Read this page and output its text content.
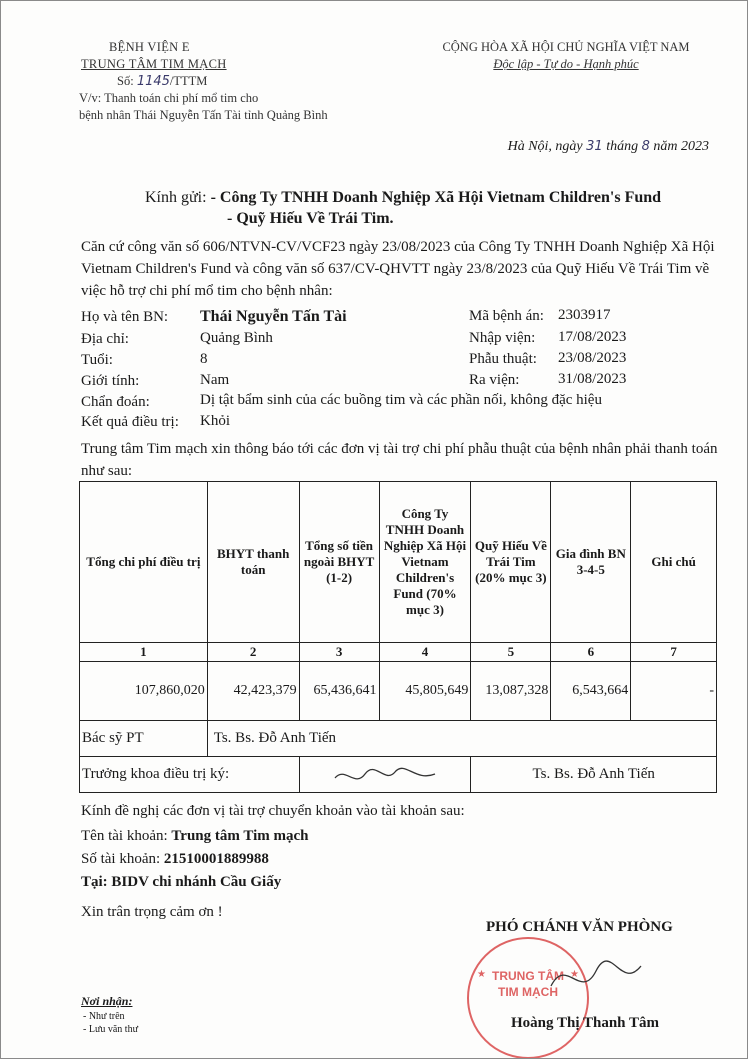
BỆNH VIỆN E
TRUNG TÂM TIM MẠCH
Số: 1145/TTTM
V/v: Thanh toán chi phí mổ tim cho
bệnh nhân Thái Nguyễn Tấn Tài tỉnh Quảng Bình
CỘNG HÒA XÃ HỘI CHỦ NGHĨA VIỆT NAM
Độc lập - Tự do - Hạnh phúc
Hà Nội, ngày 31 tháng 8 năm 2023
Kính gửi: - Công Ty TNHH Doanh Nghiệp Xã Hội Vietnam Children's Fund
- Quỹ Hiếu Về Trái Tim.
Căn cứ công văn số 606/NTVN-CV/VCF23 ngày 23/08/2023 của Công Ty TNHH Doanh Nghiệp Xã Hội Vietnam Children's Fund và công văn số 637/CV-QHVTT ngày 23/8/2023 của Quỹ Hiếu Về Trái Tim về việc hỗ trợ chi phí mổ tim cho bệnh nhân:
Họ và tên BN: Thái Nguyễn Tấn Tài
Địa chỉ:	Quảng Bình
Tuổi:	8
Giới tính:	Nam
Chẩn đoán:	Dị tật bẩm sinh của các buồng tim và các phần nối, không đặc hiệu
Kết quả điều trị: Khỏi
Mã bệnh án: 2303917
Nhập viện: 17/08/2023
Phẫu thuật: 23/08/2023
Ra viện:	31/08/2023
Trung tâm Tim mạch xin thông báo tới các đơn vị tài trợ chi phí phẫu thuật của bệnh nhân phải thanh toán như sau:
Tổng chi phí điều trị	BHYT thanh toán	Tổng số tiền ngoài BHYT (1-2)	Công Ty TNHH Doanh Nghiệp Xã Hội Vietnam Children's Fund (70% mục 3)	Quỹ Hiếu Về Trái Tim (20% mục 3)	Gia đình BN 3-4-5	Ghi chú
1	2	3	4	5	6	7
107,860,020	42,423,379	65,436,641	45,805,649	13,087,328	6,543,664	-
Bác sỹ PT	Ts. Bs. Đỗ Anh Tiến					
Trưởng khoa điều trị ký:				Ts. Bs. Đỗ Anh Tiến		
Kính đề nghị các đơn vị tài trợ chuyển khoản vào tài khoản sau:
Tên tài khoản: Trung tâm Tim mạch
Số tài khoản: 21510001889988
Tại: BIDV chi nhánh Cầu Giấy
Xin trân trọng cảm ơn !
PHÓ CHÁNH VĂN PHÒNG
★ TRUNG TÂM
TIM MẠCH
★
Hoàng Thị Thanh Tâm
Nơi nhận:
- Như trên
- Lưu văn thư
